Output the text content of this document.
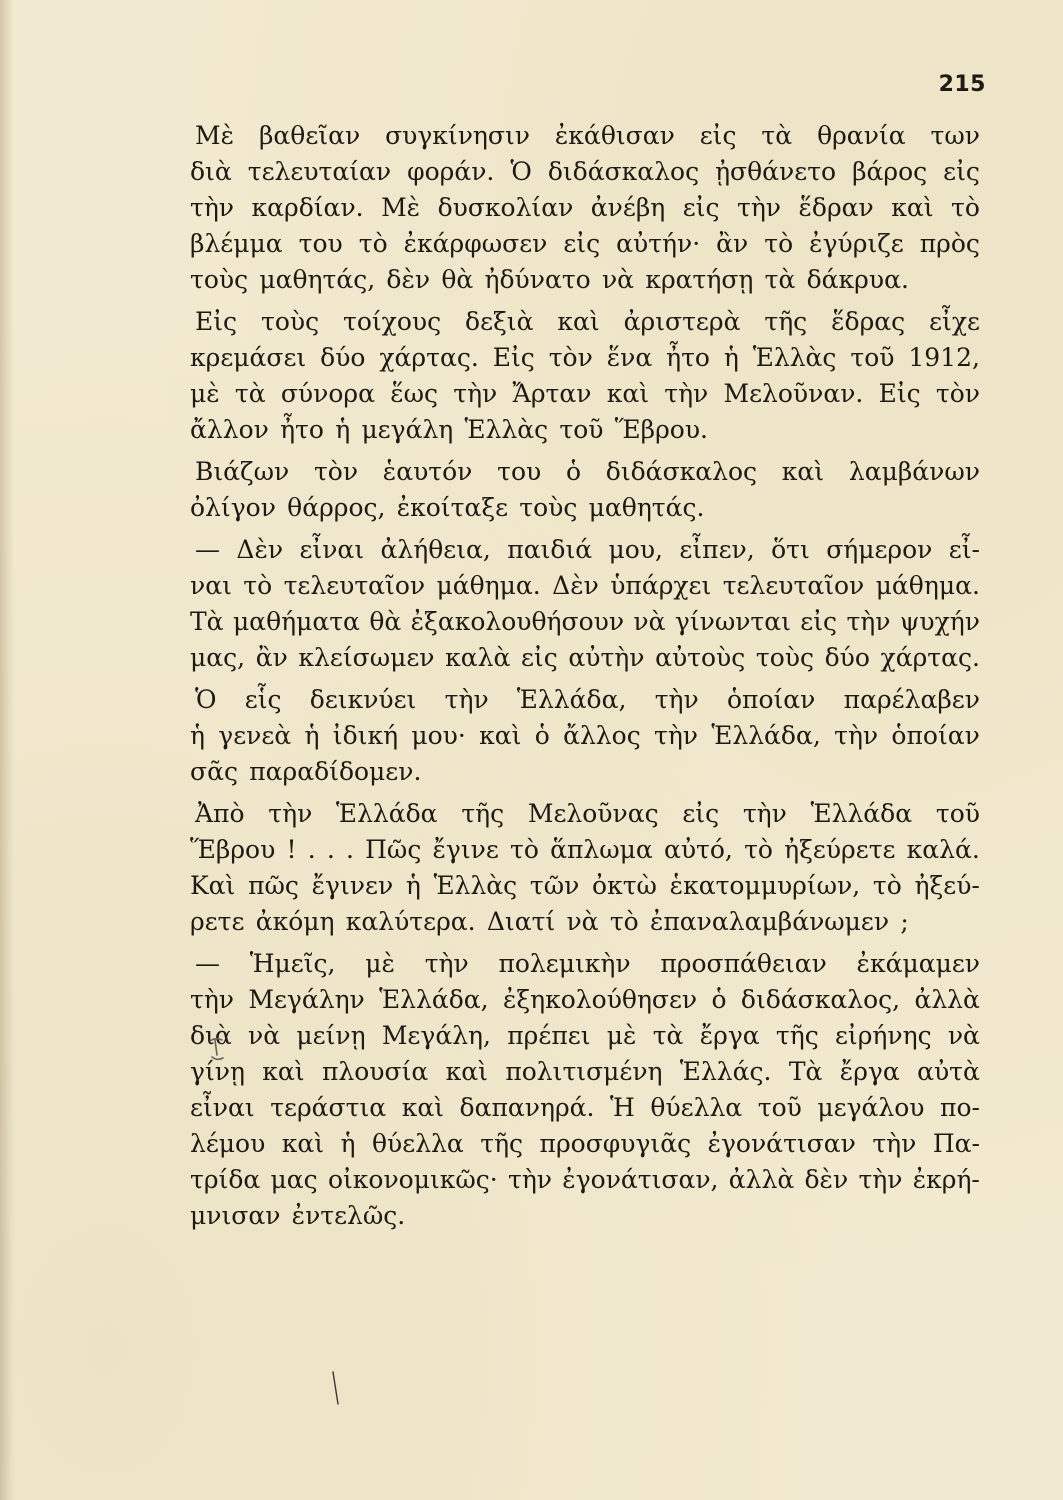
215
Μὲ βαθεῖαν συγκίνησιν ἐκάθισαν εἰς τὰ θρανία των
διὰ τελευταίαν φοράν. Ὁ διδάσκαλος ᾐσθάνετο βάρος εἰς
τὴν καρδίαν. Μὲ δυσκολίαν ἀνέβη εἰς τὴν ἕδραν καὶ τὸ
βλέμμα του τὸ ἐκάρφωσεν εἰς αὐτήν· ἂν τὸ ἐγύριζε πρὸς
τοὺς μαθητάς, δὲν θὰ ἠδύνατο νὰ κρατήσῃ τὰ δάκρυα.
Εἰς τοὺς τοίχους δεξιὰ καὶ ἀριστερὰ τῆς ἕδρας εἶχε
κρεμάσει δύο χάρτας. Εἰς τὸν ἕνα ἦτο ἡ Ἑλλὰς τοῦ 1912,
μὲ τὰ σύνορα ἕως τὴν Ἄρταν καὶ τὴν Μελοῦναν. Εἰς τὸν
ἄλλον ἦτο ἡ μεγάλη Ἑλλὰς τοῦ Ἕβρου.
Βιάζων τὸν ἑαυτόν του ὁ διδάσκαλος καὶ λαμβάνων
ὀλίγον θάρρος, ἐκοίταξε τοὺς μαθητάς.
— Δὲν εἶναι ἀλήθεια, παιδιά μου, εἶπεν, ὅτι σήμερον εἶ-
ναι τὸ τελευταῖον μάθημα. Δὲν ὑπάρχει τελευταῖον μάθημα.
Τὰ μαθήματα θὰ ἐξακολουθήσουν νὰ γίνωνται εἰς τὴν ψυχήν
μας, ἂν κλείσωμεν καλὰ εἰς αὐτὴν αὐτοὺς τοὺς δύο χάρτας.
Ὁ εἷς δεικνύει τὴν Ἑλλάδα, τὴν ὁποίαν παρέλαβεν
ἡ γενεὰ ἡ ἰδική μου· καὶ ὁ ἄλλος τὴν Ἑλλάδα, τὴν ὁποίαν
σᾶς παραδίδομεν.
Ἀπὸ τὴν Ἑλλάδα τῆς Μελοῦνας εἰς τὴν Ἑλλάδα τοῦ
Ἕβρου ! . . . Πῶς ἔγινε τὸ ἅπλωμα αὐτό, τὸ ἠξεύρετε καλά.
Καὶ πῶς ἔγινεν ἡ Ἑλλὰς τῶν ὀκτὼ ἑκατομμυρίων, τὸ ἠξεύ-
ρετε ἀκόμη καλύτερα. Διατί νὰ τὸ ἐπαναλαμβάνωμεν ;
— Ἡμεῖς, μὲ τὴν πολεμικὴν προσπάθειαν ἐκάμαμεν
τὴν Μεγάλην Ἑλλάδα, ἐξηκολούθησεν ὁ διδάσκαλος, ἀλλὰ
διὰ νὰ μείνῃ Μεγάλη, πρέπει μὲ τὰ ἔργα τῆς εἰρήνης νὰ
γίνῃ καὶ πλουσία καὶ πολιτισμένη Ἑλλάς. Τὰ ἔργα αὐτὰ
εἶναι τεράστια καὶ δαπανηρά. Ἡ θύελλα τοῦ μεγάλου πο-
λέμου καὶ ἡ θύελλα τῆς προσφυγιᾶς ἐγονάτισαν τὴν Πα-
τρίδα μας οἰκονομικῶς· τὴν ἐγονάτισαν, ἀλλὰ δὲν τὴν ἐκρή-
μνισαν ἐντελῶς.
